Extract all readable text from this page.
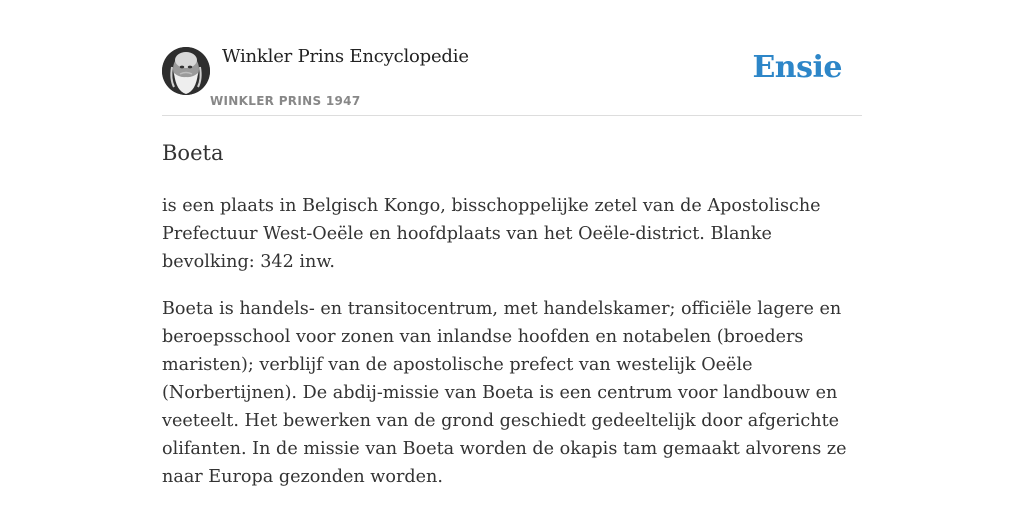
Winkler Prins Encyclopedie
WINKLER PRINS 1947
Ensie
Boeta

is een plaats in Belgisch Kongo, bisschoppelijke zetel van de Apostolische Prefectuur West-Oeële en hoofdplaats van het Oeële-district. Blanke bevolking: 342 inw.

Boeta is handels- en transitocentrum, met handelskamer; officiële lagere en beroepsschool voor zonen van inlandse hoofden en notabelen (broeders maristen); verblijf van de apostolische prefect van westelijk Oeële (Norbertijnen). De abdij-missie van Boeta is een centrum voor landbouw en veeteelt. Het bewerken van de grond geschiedt gedeeltelijk door afgerichte olifanten. In de missie van Boeta worden de okapis tam gemaakt alvorens ze naar Europa gezonden worden.
